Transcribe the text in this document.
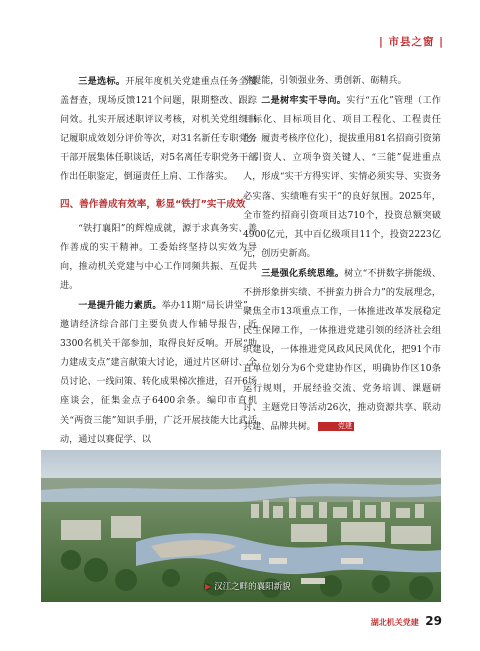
| 市县之窗 |

三是选标。开展年度机关党建重点任务全覆盖督查，现场反馈121个问题，限期整改、跟踪问效。扎实开展述职评议考核，对机关党组织书记履职成效划分评价等次，对31名新任专职党务干部开展集体任职谈话，对5名离任专职党务干部作出任职鉴定，倒逼责任上肩、工作落实。

四、善作善成有效率，彰显“铁打”实干成效

“铁打襄阳”的辉煌成就，源于求真务实、善作善成的实干精神。工委始终坚持以实效为导向，推动机关党建与中心工作同频共振、互促共进。

一是提升能力素质。举办11期“局长讲堂”，邀请经济综合部门主要负责人作辅导报告，近3300名机关干部参加，取得良好反响。开展“助力建成支点”建言献策大讨论，通过片区研讨、全员讨论、一线问策、转化成果梯次推进，召开6场座谈会，征集金点子6400余条。编印市直机关“两资三能”知识手册，广泛开展技能大比武活动，通过以赛促学、以

学提能，引领强业务、勇创新、砺精兵。

二是树牢实干导向。实行“五化”管理（工作目标化、目标项目化、项目工程化、工程责任化、履责考核序位化），提拔重用81名招商引资第一引资人、立项争资关键人、“三能”促进重点人，形成“实干方得实评、实情必须实导、实资务必实落、实绩唯有实干”的良好氛围。2025年，全市签约招商引资项目达710个，投资总额突破4900亿元，其中百亿级项目11个，投资2223亿元，创历史新高。

三是强化系统思维。树立“不拼数字拼能级、不拼形象拼实绩、不拼蛮力拼合力”的发展理念，聚焦全市13项重点工作，一体推进改革发展稳定民生保障工作，一体推进党建引领的经济社会组织建设，一体推进党风政风民风优化，把91个市直单位划分为6个党建协作区，明确协作区10条运行规则，开展经验交流、党务培训、课题研讨、主题党日等活动26次，推动资源共享、联动共建、品牌共树。	党建

▶ 汉江之畔的襄阳新貌
湖北机关党建 29
